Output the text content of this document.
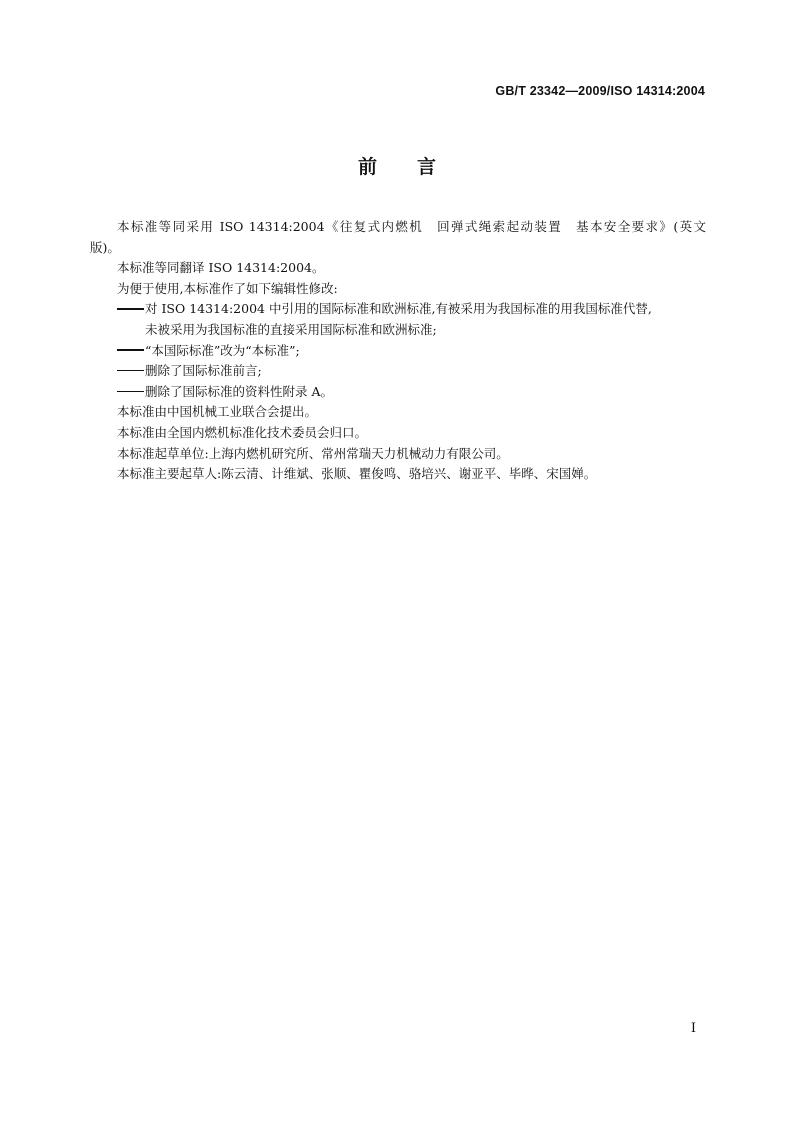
GB/T 23342—2009/ISO 14314:2004
前 言

本标准等同采用 ISO 14314:2004《往复式内燃机　回弹式绳索起动装置　基本安全要求》(英文

版)。

本标准等同翻译 ISO 14314:2004。

为便于使用,本标准作了如下编辑性修改:

对 ISO 14314:2004 中引用的国际标准和欧洲标准,有被采用为我国标准的用我国标准代替,

未被采用为我国标准的直接采用国际标准和欧洲标准;

“本国际标准”改为“本标准”;

删除了国际标准前言;

删除了国际标准的资料性附录 A。

本标准由中国机械工业联合会提出。

本标准由全国内燃机标准化技术委员会归口。

本标准起草单位:上海内燃机研究所、常州常瑞天力机械动力有限公司。

本标准主要起草人:陈云清、计维斌、张顺、瞿俊鸣、骆培兴、谢亚平、毕晔、宋国婵。

I
